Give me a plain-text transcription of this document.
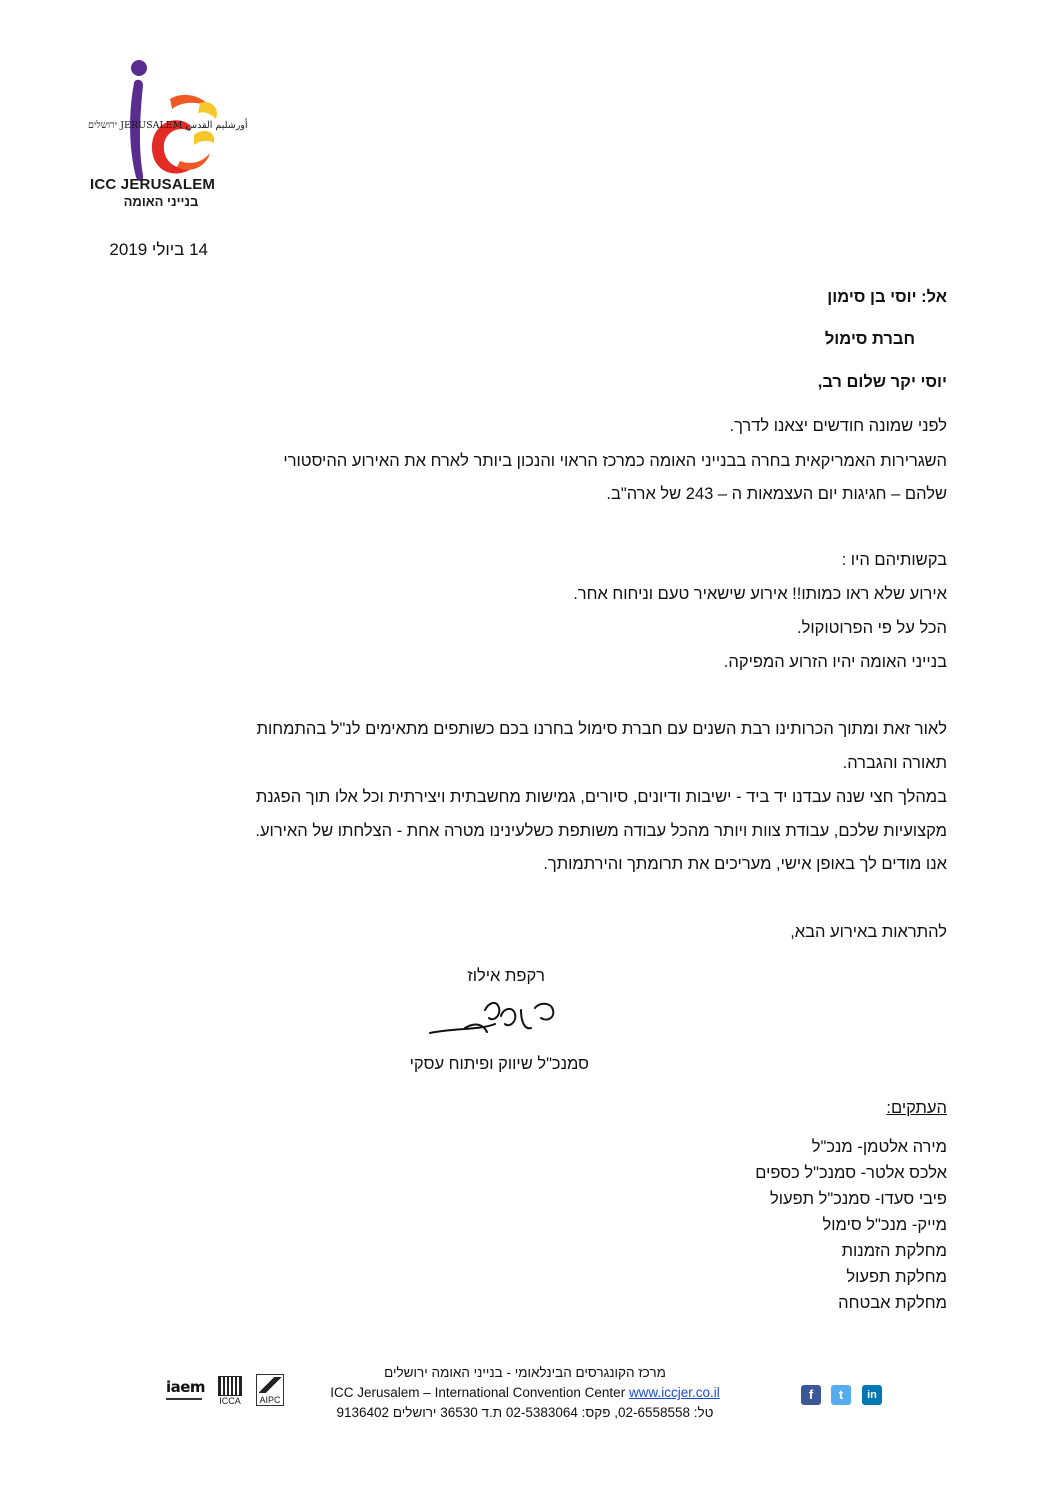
ירושלים JERUSALEM أورشليم القدس
ICC JERUSALEM
בנייני האומה
14 ביולי 2019
אל: יוסי בן סימון
חברת סימול
יוסי יקר שלום רב,
לפני שמונה חודשים יצאנו לדרך.
השגרירות האמריקאית בחרה בבנייני האומה כמרכז הראוי והנכון ביותר לארח את האירוע ההיסטורי
שלהם – חגיגות יום העצמאות ה – 243 של ארה"ב.
בקשותיהם היו :
אירוע שלא ראו כמותו!! אירוע שישאיר טעם וניחוח אחר.
הכל על פי הפרוטוקול.
בנייני האומה יהיו הזרוע המפיקה.
לאור זאת ומתוך הכרותינו רבת השנים עם חברת סימול בחרנו בכם כשותפים מתאימים לנ"ל בהתמחות
תאורה והגברה.
במהלך חצי שנה עבדנו יד ביד - ישיבות ודיונים, סיורים, גמישות מחשבתית ויצירתית וכל אלו תוך הפגנת
מקצועיות שלכם, עבודת צוות ויותר מהכל עבודה משותפת כשלעינינו מטרה אחת - הצלחתו של האירוע.
אנו מודים לך באופן אישי, מעריכים את תרומתך והירתמותך.
להתראות באירוע הבא,
רקפת אילוז
סמנכ"ל שיווק ופיתוח עסקי
העתקים:
מירה אלטמן- מנכ"ל
אלכס אלטר- סמנכ"ל כספים
פיבי סעדו- סמנכ"ל תפעול
מייק- מנכ"ל סימול
מחלקת הזמנות
מחלקת תפעול
מחלקת אבטחה
iaem
ICCA AIPC
מרכז הקונגרסים הבינלאומי - בנייני האומה ירושלים
ICC Jerusalem – International Convention Center www.iccjer.co.il
טל: 02-6558558, פקס: 02-5383064 ת.ד 36530 ירושלים 9136402
f	t	in
